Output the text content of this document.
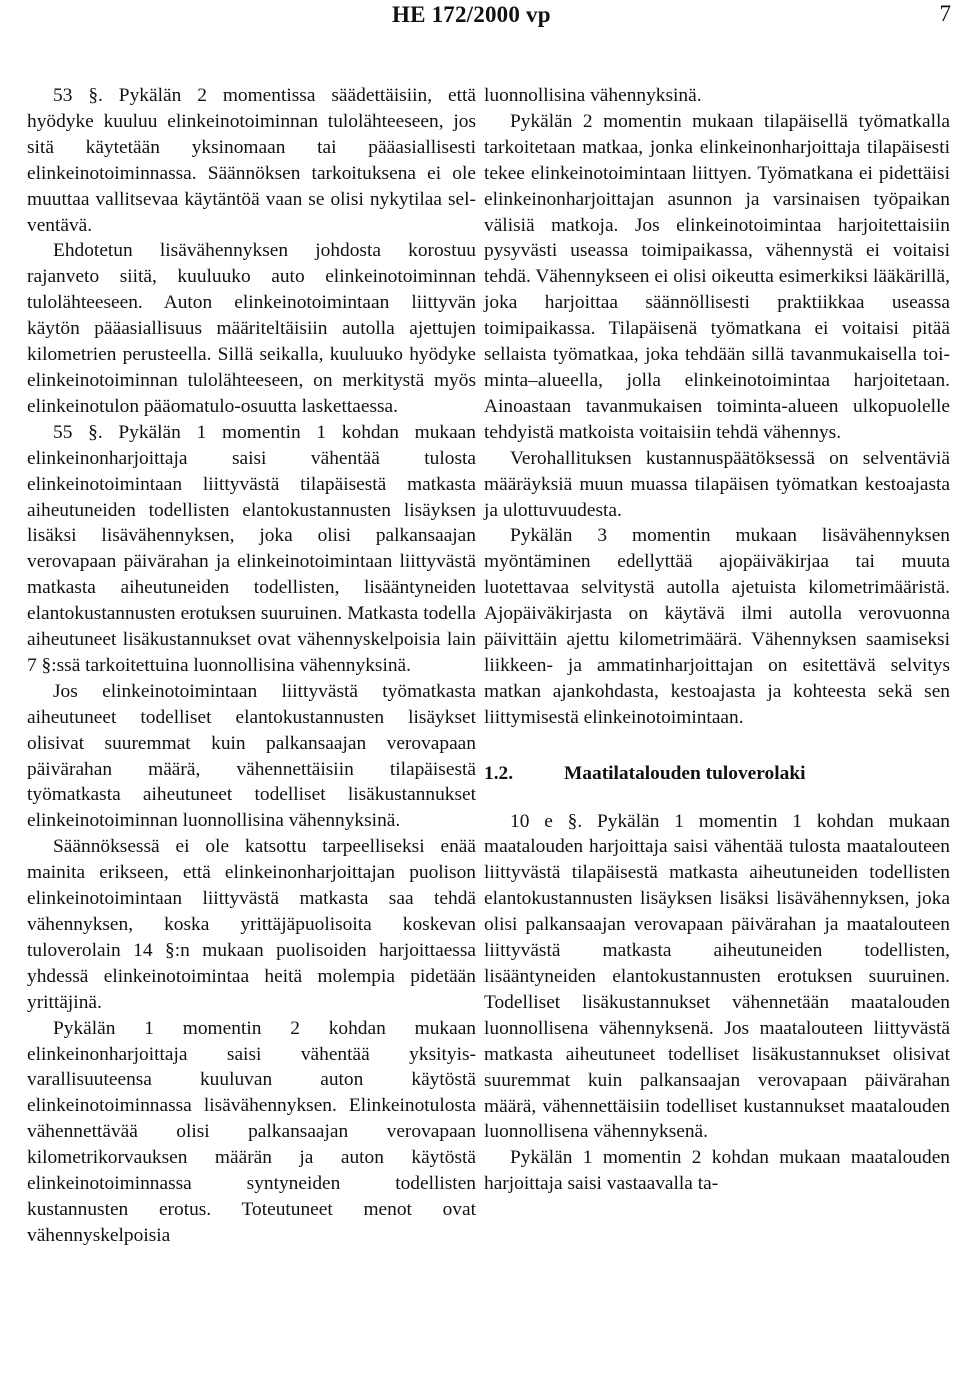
HE 172/2000 vp	7

53 §. Pykälän 2 momentissa säädettäisiin, että hyödyke kuuluu elinkeinotoiminnan tulolähteeseen, jos sitä käytetään yksinomaan tai pääasiallisesti elinkeinotoiminnassa. Säännöksen tarkoituksena ei ole muuttaa vallitsevaa käytäntöä vaan se olisi nykytilaa selventävä.

Ehdotetun lisävähennyksen johdosta korostuu rajanveto siitä, kuuluuko auto elinkeinotoiminnan tulolähteeseen. Auton elinkeinotoimintaan liittyvän käytön pääasiallisuus määriteltäisiin autolla ajettujen kilometrien perusteella. Sillä seikalla, kuuluuko hyödyke elinkeinotoiminnan tulolähteeseen, on merkitystä myös elinkeinotulon pääomatulo-osuutta laskettaessa.

55 §. Pykälän 1 momentin 1 kohdan mukaan elinkeinonharjoittaja saisi vähentää tulosta elinkeinotoimintaan liittyvästä tilapäisestä matkasta aiheutuneiden todellisten elantokustannusten lisäyksen lisäksi lisävähennyksen, joka olisi palkansaajan verovapaan päivärahan ja elinkeinotoimintaan liittyvästä matkasta aiheutuneiden todellisten, lisääntyneiden elantokustannusten erotuksen suuruinen. Matkasta todella aiheutuneet lisäkustannukset ovat vähennyskelpoisia lain 7 §:ssä tarkoitettuina luonnollisina vähennyksinä.

Jos elinkeinotoimintaan liittyvästä työmatkasta aiheutuneet todelliset elantokustannusten lisäykset olisivat suuremmat kuin palkansaajan verovapaan päivärahan määrä, vähennettäisiin tilapäisestä työmatkasta aiheutuneet todelliset lisäkustannukset elinkeinotoiminnan luonnollisina vähennyksinä.

Säännöksessä ei ole katsottu tarpeelliseksi enää mainita erikseen, että elinkeinonharjoittajan puolison elinkeinotoimintaan liittyvästä matkasta saa tehdä vähennyksen, koska yrittäjäpuolisoita koskevan tuloverolain 14 §:n mukaan puolisoiden harjoittaessa yhdessä elinkeinotoimintaa heitä molempia pidetään yrittäjinä.

Pykälän 1 momentin 2 kohdan mukaan elinkeinonharjoittaja saisi vähentää yksityisvarallisuuteensa kuuluvan auton käytöstä elinkeinotoiminnassa lisävähennyksen. Elinkeinotulosta vähennettävää olisi palkansaajan verovapaan kilometrikorvauksen määrän ja auton käytöstä elinkeinotoiminnassa syntyneiden todellisten kustannusten erotus. Toteutuneet menot ovat vähennyskelpoisia

luonnollisina vähennyksinä.

Pykälän 2 momentin mukaan tilapäisellä työmatkalla tarkoitetaan matkaa, jonka elinkeinonharjoittaja tilapäisesti tekee elinkeinotoimintaan liittyen. Työmatkana ei pidettäisi elinkeinonharjoittajan asunnon ja varsinaisen työpaikan välisiä matkoja. Jos elinkeinotoimintaa harjoitettaisiin pysyvästi useassa toimipaikassa, vähennystä ei voitaisi tehdä. Vähennykseen ei olisi oikeutta esimerkiksi lääkärillä, joka harjoittaa säännöllisesti praktiikkaa useassa toimipaikassa. Tilapäisenä työmatkana ei voitaisi pitää sellaista työmatkaa, joka tehdään sillä tavanmukaisella toiminta–alueella, jolla elinkeinotoimintaa harjoitetaan. Ainoastaan tavanmukaisen toiminta-alueen ulkopuolelle tehdyistä matkoista voitaisiin tehdä vähennys.

Verohallituksen kustannuspäätöksessä on selventäviä määräyksiä muun muassa tilapäisen työmatkan kestoajasta ja ulottuvuudesta.

Pykälän 3 momentin mukaan lisävähennyksen myöntäminen edellyttää ajopäiväkirjaa tai muuta luotettavaa selvitystä autolla ajetuista kilometrimääristä. Ajopäiväkirjasta on käytävä ilmi autolla verovuonna päivittäin ajettu kilometrimäärä. Vähennyksen saamiseksi liikkeen- ja ammatinharjoittajan on esitettävä selvitys matkan ajankohdasta, kestoajasta ja kohteesta sekä sen liittymisestä elinkeinotoimintaan.

1.2.	Maatilatalouden tuloverolaki

10 e §. Pykälän 1 momentin 1 kohdan mukaan maatalouden harjoittaja saisi vähentää tulosta maatalouteen liittyvästä tilapäisestä matkasta aiheutuneiden todellisten elantokustannusten lisäyksen lisäksi lisävähennyksen, joka olisi palkansaajan verovapaan päivärahan ja maatalouteen liittyvästä matkasta aiheutuneiden todellisten, lisääntyneiden elantokustannusten erotuksen suuruinen. Todelliset lisäkustannukset vähennetään maatalouden luonnollisena vähennyksenä. Jos maatalouteen liittyvästä matkasta aiheutuneet todelliset lisäkustannukset olisivat suuremmat kuin palkansaajan verovapaan päivärahan määrä, vähennettäisiin todelliset kustannukset maatalouden luonnollisena vähennyksenä.

Pykälän 1 momentin 2 kohdan mukaan maatalouden harjoittaja saisi vastaavalla ta-
